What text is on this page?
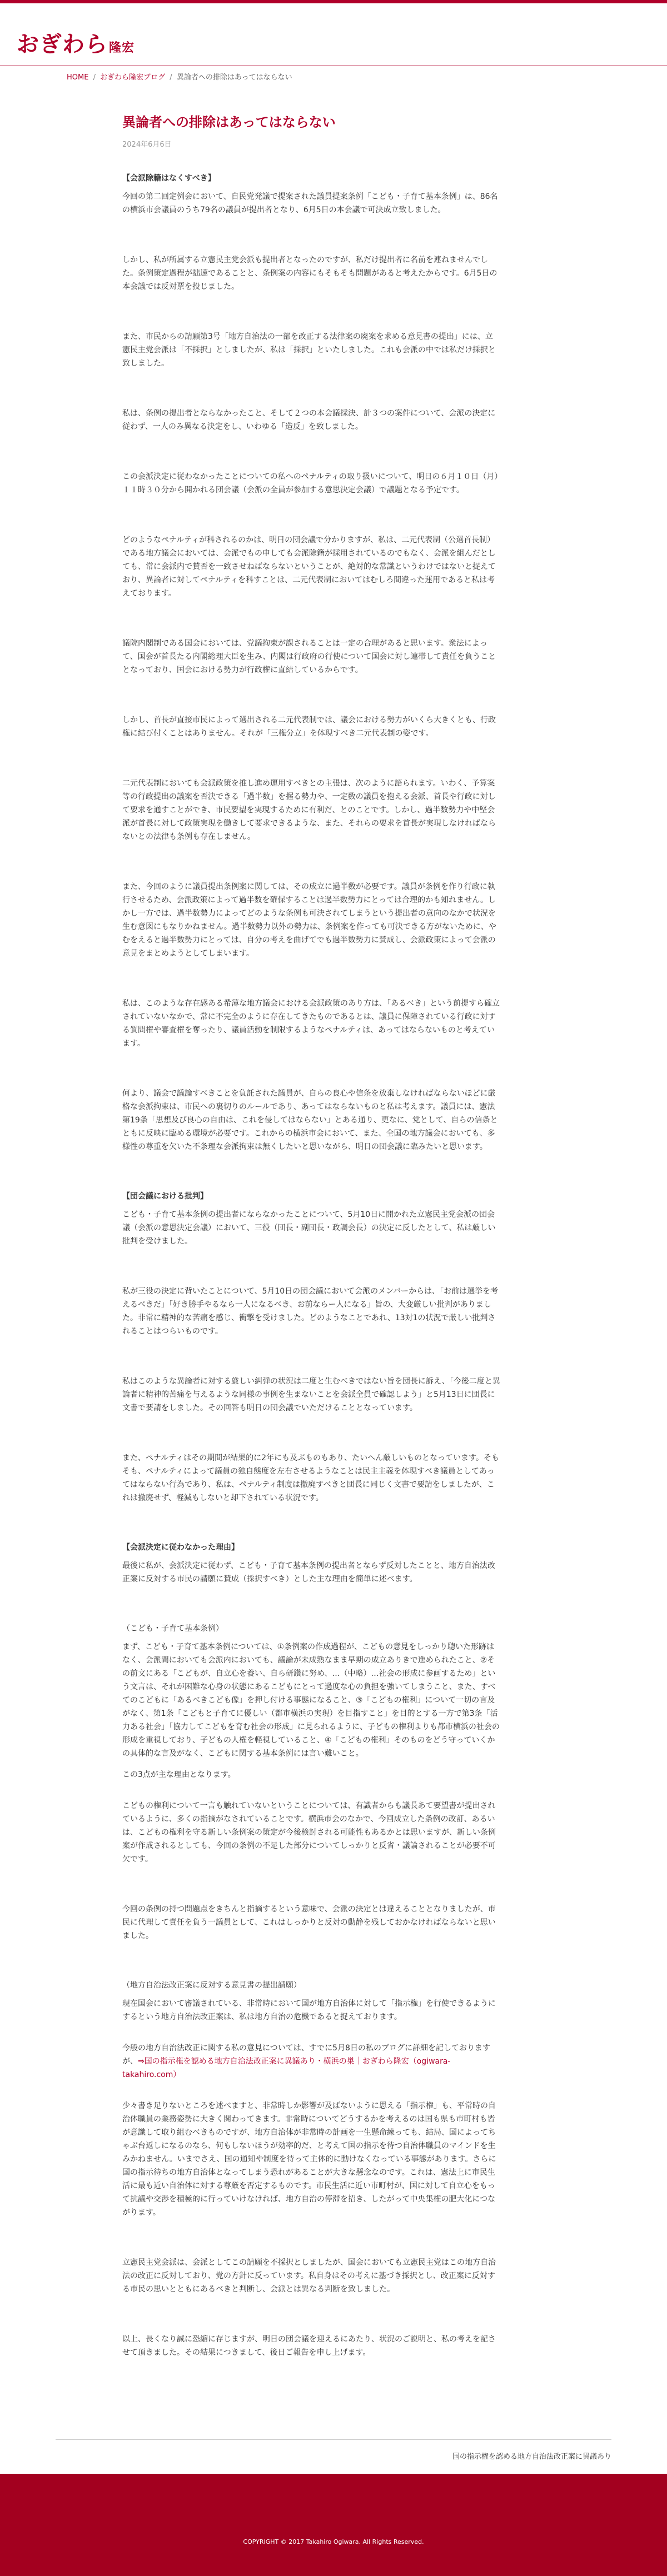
おぎわら隆宏
HOME / おぎわら隆宏ブログ / 異論者への排除はあってはならない
異論者への排除はあってはならない
2024年6月6日
【会派除籍はなくすべき】
今回の第二回定例会において、自民党発議で提案された議員提案条例「こども・子育て基本条例」は、86名の横浜市会議員のうち79名の議員が提出者となり、6月5日の本会議で可決成立致しました。
しかし、私が所属する立憲民主党会派も提出者となったのですが、私だけ提出者に名前を連ねませんでした。条例策定過程が拙速であることと、条例案の内容にもそもそも問題があると考えたからです。6月5日の本会議では反対票を投じました。
また、市民からの請願第3号「地方自治法の一部を改正する法律案の廃案を求める意見書の提出」には、立憲民主党会派は「不採択」としましたが、私は「採択」といたしました。これも会派の中では私だけ採択と致しました。
私は、条例の提出者とならなかったこと、そして２つの本会議採決、計３つの案件について、会派の決定に従わず、一人のみ異なる決定をし、いわゆる「造反」を致しました。
この会派決定に従わなかったことについての私へのペナルティの取り扱いについて、明日の６月１０日（月）１１時３０分から開かれる団会議（会派の全員が参加する意思決定会議）で議題となる予定です。
どのようなペナルティが科されるのかは、明日の団会議で分かりますが、私は、二元代表制（公選首長制）である地方議会においては、会派でもの申しても会派除籍が採用されているのでもなく、会派を組んだとしても、常に会派内で賛否を一致させねばならないということが、絶対的な常識というわけではないと捉えており、異論者に対してペナルティを科すことは、二元代表制においてはむしろ間違った運用であると私は考えております。
議院内閣制である国会においては、党議拘束が課されることは一定の合理があると思います。衆法によって、国会が首長たる内閣総理大臣を生み、内閣は行政府の行使について国会に対し連帯して責任を負うこととなっており、国会における勢力が行政権に直結しているからです。
しかし、首長が直接市民によって選出される二元代表制では、議会における勢力がいくら大きくとも、行政権に結び付くことはありません。それが「三権分立」を体現すべき二元代表制の姿です。
二元代表制においても会派政策を推し進め運用すべきとの主張は、次のように語られます。いわく、予算案等の行政提出の議案を否決できる「過半数」を握る勢力や、一定数の議員を抱える会派、首長や行政に対して要求を通すことができ、市民要望を実現するために有利だ、とのことです。しかし、過半数勢力や中堅会派が首長に対して政策実現を働きして要求できるような、また、それらの要求を首長が実現しなければならないとの法律も条例も存在しません。
また、今回のように議員提出条例案に関しては、その成立に過半数が必要です。議員が条例を作り行政に執行させるため、会派政策によって過半数を確保することは過半数勢力にとっては合理的かも知れません。しかし一方では、過半数勢力によってどのような条例も可決されてしまうという提出者の意向のなかで状況を生む意図にもなりかねません。過半数勢力以外の勢力は、条例案を作っても可決できる方がないために、やむをえると過半数勢力にとっては、自分の考えを曲げてでも過半数勢力に賛成し、会派政策によって会派の意見をまとめようとしてしまいます。
私は、このような存在感ある希薄な地方議会における会派政策のあり方は、「あるべき」という前提すら確立されていないなかで、常に不完全のように存在してきたものであるとは、議員に保障されている行政に対する質問権や審査権を奪ったり、議員活動を制限するようなペナルティは、あってはならないものと考えています。
何より、議会で議論すべきことを負託された議員が、自らの良心や信条を放棄しなければならないほどに厳格な会派拘束は、市民への裏切りのルールであり、あってはならないものと私は考えます。議員には、憲法第19条「思想及び良心の自由は、これを侵してはならない」とある通り、更なに、党として、自らの信条とともに反映に臨める環境が必要です。これからの横浜市会において、また、全国の地方議会においても、多様性の尊重を欠いた不条理な会派拘束は無くしたいと思いながら、明日の団会議に臨みたいと思います。
【団会議における批判】
こども・子育て基本条例の提出者にならなかったことについて、5月10日に開かれた立憲民主党会派の団会議（会派の意思決定会議）において、三役（団長・副団長・政調会長）の決定に反したとして、私は厳しい批判を受けました。
私が三役の決定に背いたことについて、5月10日の団会議において会派のメンバーからは、「お前は選挙を考えるべきだ」「好き勝手やるなら一人になるべき、お前ならー人になる」旨の、大変厳しい批判がありました。非常に精神的な苦痛を感じ、衝撃を受けました。どのようなことであれ、13対1の状況で厳しい批判されることはつらいものです。
私はこのような異論者に対する厳しい糾弾の状況は二度と生むべきではない旨を団長に訴え、「今後二度と異論者に精神的苦痛を与えるような同様の事例を生まないことを会派全員で確認しよう」と5月13日に団長に文書で要請をしました。その回答も明日の団会議でいただけることとなっています。
また、ペナルティはその期間が結果的に2年にも及ぶものもあり、たいへん厳しいものとなっています。そもそも、ペナルティによって議員の独自態度を左右させるようなことは民主主義を体現すべき議員としてあってはならない行為であり、私は、ペナルティ制度は撤廃すべきと団長に同じく文書で要請をしましたが、これは撤廃せず、軽減もしないと却下されている状況です。
【会派決定に従わなかった理由】
最後に私が、会派決定に従わず、こども・子育て基本条例の提出者とならず反対したことと、地方自治法改正案に反対する市民の請願に賛成（採択すべき）とした主な理由を簡単に述べます。
（こども・子育て基本条例）
まず、こども・子育て基本条例については、①条例案の作成過程が、こどもの意見をしっかり聴いた形跡はなく、会派間においても会派内においても、議論が未成熟なまま早期の成立ありきで進められたこと、②その前文にある「こどもが、自立心を養い、自ら研鑽に努め、…（中略）…社会の形成に参画するため」という文言は、それが困難な心身の状態にあるこどもにとって過度な心の負担を強いてしまうこと、また、すべてのこどもに「あるべきこども像」を押し付ける事態になること、③「こどもの権利」について一切の言及がなく、第1条「こどもと子育てに優しい（都市横浜の実現）を目指すこと」を目的とする一方で第3条「活力ある社会」「協力してこどもを育む社会の形成」に見られるように、子どもの権利よりも都市横浜の社会の形成を重視しており、子どもの人権を軽視していること、④「こどもの権利」そのものをどう守っていくかの具体的な言及がなく、こどもに関する基本条例には言い難いこと。
この3点が主な理由となります。
こどもの権利について一言も触れていないということについては、有識者からも議長あて要望書が提出されているように、多くの指摘がなされていることです。横浜市会のなかで、今回成立した条例の改訂、あるいは、こどもの権利を守る新しい条例案の策定が今後検討される可能性もあるかとは思いますが、新しい条例案が作成されるとしても、今回の条例の不足した部分についてしっかりと反省・議論されることが必要不可欠です。
今回の条例の持つ問題点をきちんと指摘するという意味で、会派の決定とは違えることとなりましたが、市民に代理して責任を負う一議員として、これはしっかりと反対の動静を残しておかなければならないと思いました。
（地方自治法改正案に反対する意見書の提出請願）
現在国会において審議されている、非常時において国が地方自治体に対して「指示権」を行使できるようにするという地方自治法改正案は、私は地方自治の危機であると捉えております。
今般の地方自治法改正に関する私の意見については、すでに5月8日の私のブログに詳細を記しておりますが、⇒国の指示権を認める地方自治法改正案に異議あり・横浜の巣｜おぎわら隆宏（ogiwara-takahiro.com）
少々書き足りないところを述べますと、非常時しか影響が及ばないように思える「指示権」も、平常時の自治体職員の業務姿勢に大きく関わってきます。非常時についてどうするかを考えるのは国も県も市町村も皆が意識して取り組むべきものですが、地方自治体が非常時の計画を一生懸命練っても、結局、国によってちゃぶ台返しになるのなら、何もしないほうが効率的だ、と考えて国の指示を待つ自治体職員のマインドを生みかねません。いまでさえ、国の通知や制度を待って主体的に動けなくなっている事態があります。さらに国の指示待ちの地方自治体となってしまう恐れがあることが大きな懸念なのです。これは、憲法上に市民生活に最も近い自治体に対する尊厳を否定するものです。市民生活に近い市町村が、国に対して自立心をもって抗議や交渉を積極的に行っていけなければ、地方自治の停滞を招き、したがって中央集権の肥大化につながります。
立憲民主党会派は、会派としてこの請願を不採択としましたが、国会においても立憲民主党はこの地方自治法の改正に反対しており、党の方針に反っています。私自身はその考えに基づき採択とし、改正案に反対する市民の思いとともにあるべきと判断し、会派とは異なる判断を致しました。
以上、長くなり誠に恐縮に存じますが、明日の団会議を迎えるにあたり、状況のご説明と、私の考えを記させて頂きました。その結果につきまして、後日ご報告を申し上げます。
国の指示権を認める地方自治法改正案に異議あり
COPYRIGHT © 2017 Takahiro Ogiwara. All Rights Reserved.
